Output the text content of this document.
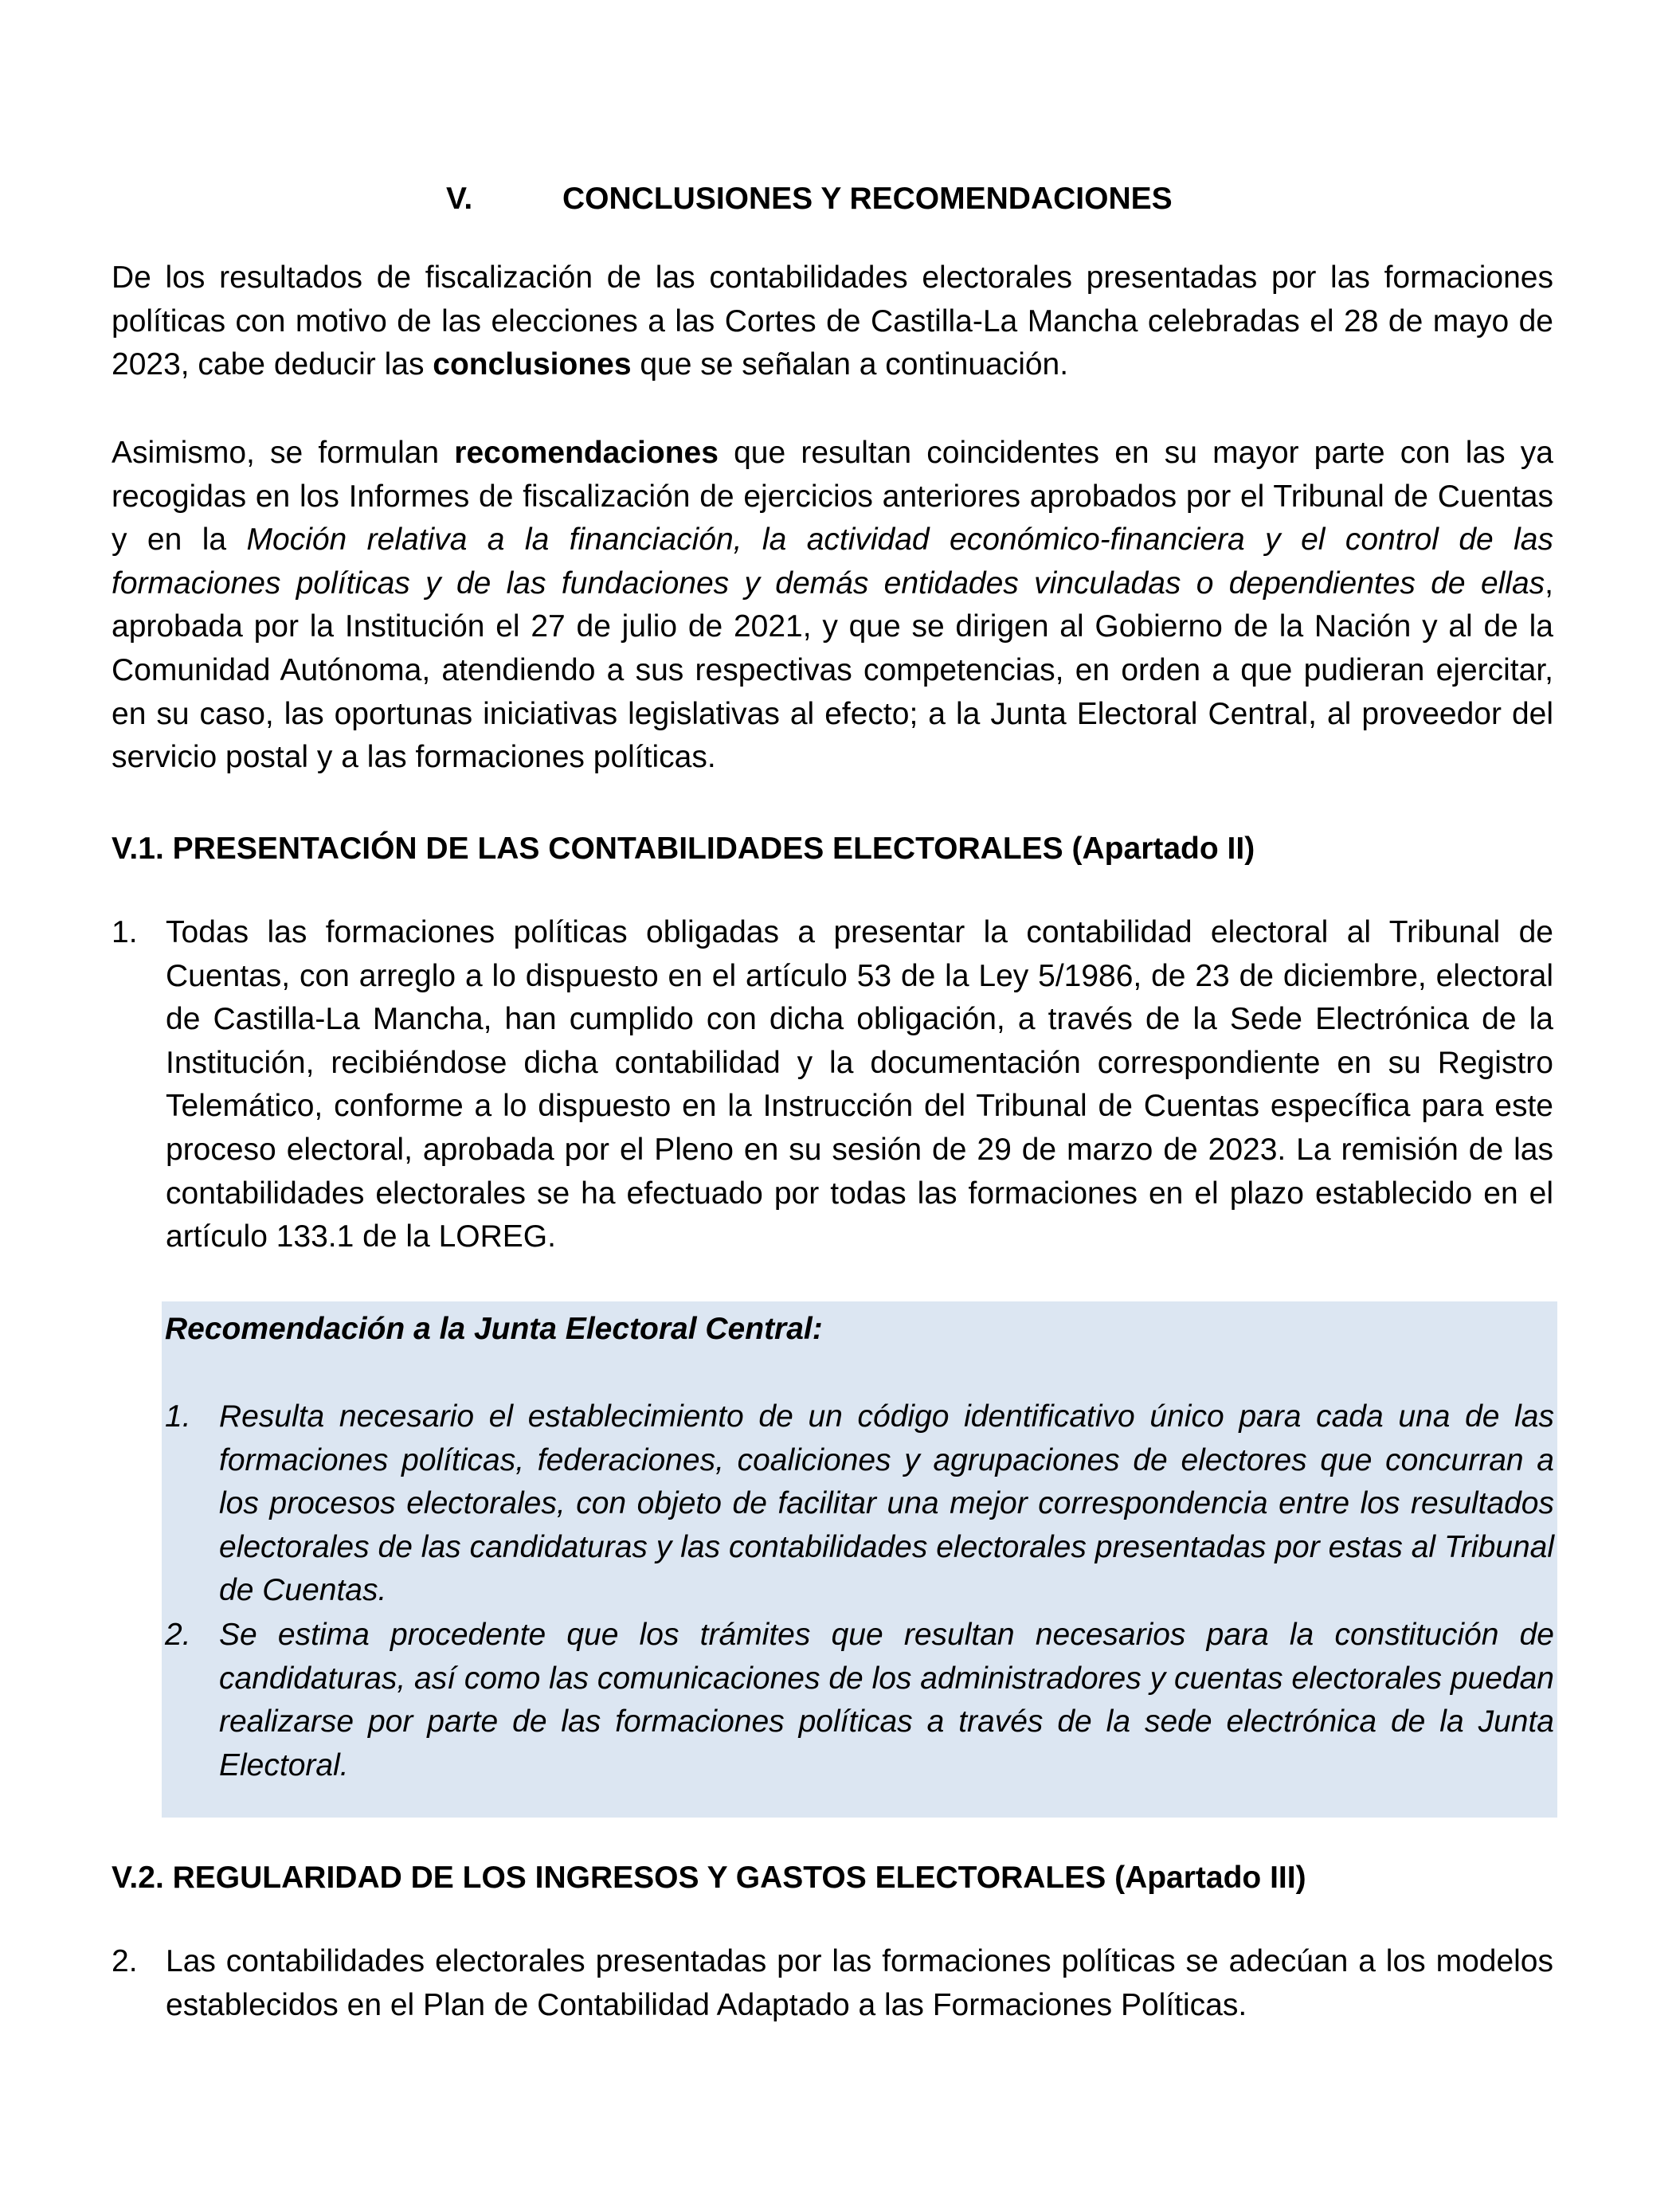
V.	CONCLUSIONES Y RECOMENDACIONES

De los resultados de fiscalización de las contabilidades electorales presentadas por las formaciones políticas con motivo de las elecciones a las Cortes de Castilla-La Mancha celebradas el 28 de mayo de 2023, cabe deducir las conclusiones que se señalan a continuación.

Asimismo, se formulan recomendaciones que resultan coincidentes en su mayor parte con las ya recogidas en los Informes de fiscalización de ejercicios anteriores aprobados por el Tribunal de Cuentas y en la Moción relativa a la financiación, la actividad económico-financiera y el control de las formaciones políticas y de las fundaciones y demás entidades vinculadas o dependientes de ellas, aprobada por la Institución el 27 de julio de 2021, y que se dirigen al Gobierno de la Nación y al de la Comunidad Autónoma, atendiendo a sus respectivas competencias, en orden a que pudieran ejercitar, en su caso, las oportunas iniciativas legislativas al efecto; a la Junta Electoral Central, al proveedor del servicio postal y a las formaciones políticas.

V.1. PRESENTACIÓN DE LAS CONTABILIDADES ELECTORALES (Apartado II)
1. Todas las formaciones políticas obligadas a presentar la contabilidad electoral al Tribunal de Cuentas, con arreglo a lo dispuesto en el artículo 53 de la Ley 5/1986, de 23 de diciembre, electoral de Castilla-La Mancha, han cumplido con dicha obligación, a través de la Sede Electrónica de la Institución, recibiéndose dicha contabilidad y la documentación correspondiente en su Registro Telemático, conforme a lo dispuesto en la Instrucción del Tribunal de Cuentas específica para este proceso electoral, aprobada por el Pleno en su sesión de 29 de marzo de 2023. La remisión de las contabilidades electorales se ha efectuado por todas las formaciones en el plazo establecido en el artículo 133.1 de la LOREG.
Recomendación a la Junta Electoral Central:
1. Resulta necesario el establecimiento de un código identificativo único para cada una de las formaciones políticas, federaciones, coaliciones y agrupaciones de electores que concurran a los procesos electorales, con objeto de facilitar una mejor correspondencia entre los resultados electorales de las candidaturas y las contabilidades electorales presentadas por estas al Tribunal de Cuentas.
2. Se estima procedente que los trámites que resultan necesarios para la constitución de candidaturas, así como las comunicaciones de los administradores y cuentas electorales puedan realizarse por parte de las formaciones políticas a través de la sede electrónica de la Junta Electoral.
V.2. REGULARIDAD DE LOS INGRESOS Y GASTOS ELECTORALES (Apartado III)
2. Las contabilidades electorales presentadas por las formaciones políticas se adecúan a los modelos establecidos en el Plan de Contabilidad Adaptado a las Formaciones Políticas.
